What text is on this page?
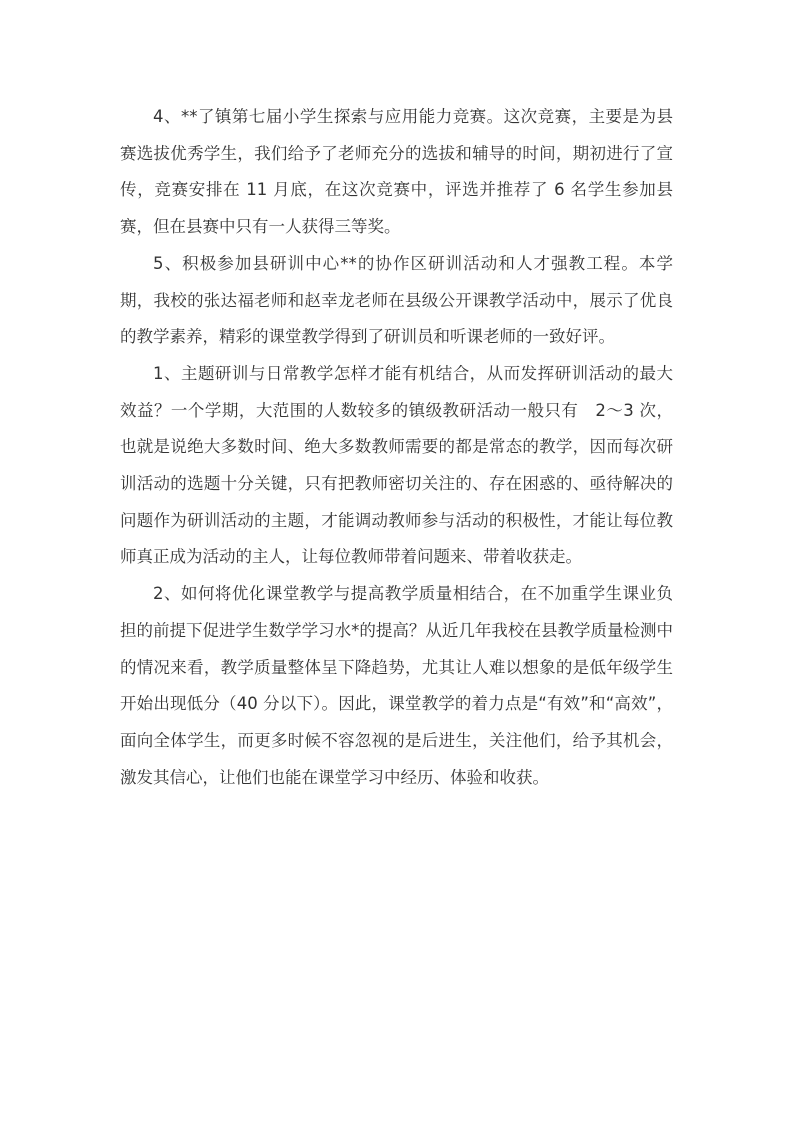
4、**了镇第七届小学生探索与应用能力竞赛。这次竞赛，主要是为县赛选拔优秀学生，我们给予了老师充分的选拔和辅导的时间，期初进行了宣传，竞赛安排在 11 月底，在这次竞赛中，评选并推荐了 6 名学生参加县赛，但在县赛中只有一人获得三等奖。

5、积极参加县研训中心**的协作区研训活动和人才强教工程。本学期，我校的张达福老师和赵幸龙老师在县级公开课教学活动中，展示了优良的教学素养，精彩的课堂教学得到了研训员和听课老师的一致好评。

1、主题研训与日常教学怎样才能有机结合，从而发挥研训活动的最大效益？一个学期，大范围的人数较多的镇级教研活动一般只有　2～3 次，也就是说绝大多数时间、绝大多数教师需要的都是常态的教学，因而每次研训活动的选题十分关键，只有把教师密切关注的、存在困惑的、亟待解决的问题作为研训活动的主题，才能调动教师参与活动的积极性，才能让每位教师真正成为活动的主人，让每位教师带着问题来、带着收获走。

2、如何将优化课堂教学与提高教学质量相结合，在不加重学生课业负担的前提下促进学生数学学习水*的提高？从近几年我校在县教学质量检测中的情况来看，教学质量整体呈下降趋势，尤其让人难以想象的是低年级学生开始出现低分（40 分以下）。因此，课堂教学的着力点是“有效”和“高效”，面向全体学生，而更多时候不容忽视的是后进生，关注他们，给予其机会，激发其信心，让他们也能在课堂学习中经历、体验和收获。
